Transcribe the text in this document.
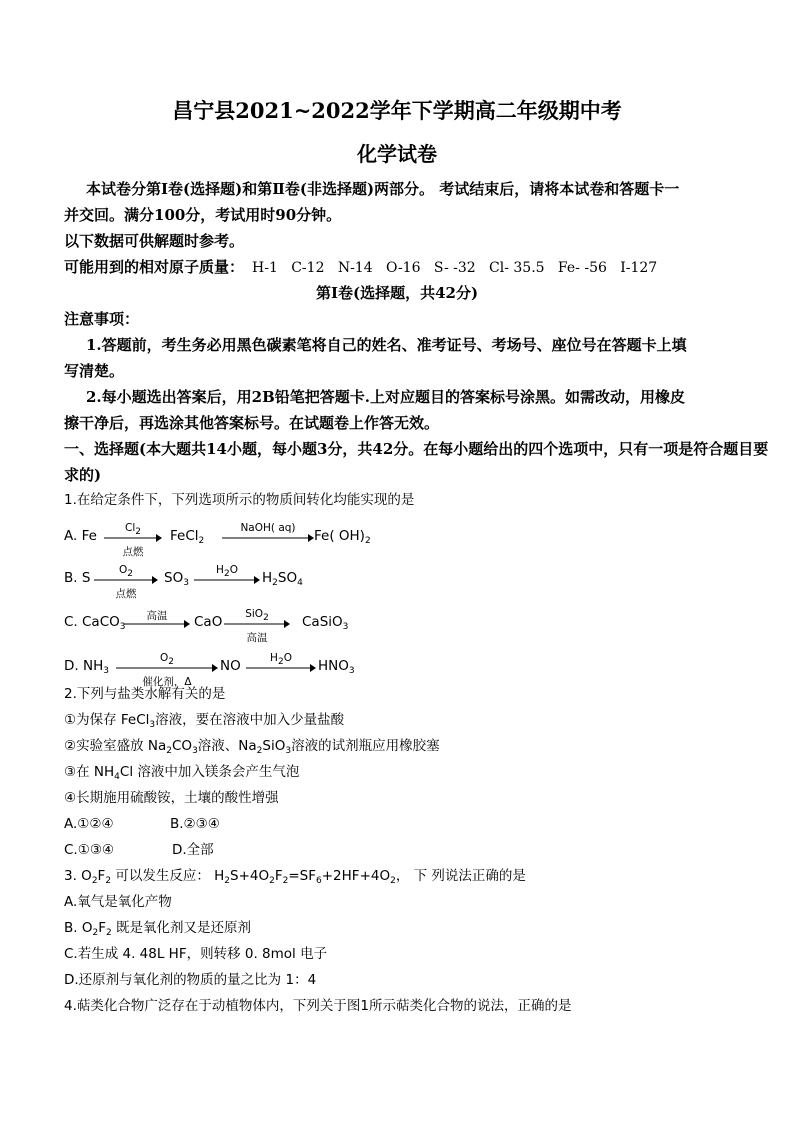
昌宁县2021~2022学年下学期高二年级期中考
化学试卷
本试卷分第Ⅰ卷(选择题)和第Ⅱ卷(非选择题)两部分。 考试结束后，请将本试卷和答题卡一
并交回。满分100分，考试用时90分钟。
以下数据可供解题时参考。
可能用到的相对原子质量： H-1   C-12   N-14   O-16   S- -32   Cl- 35.5   Fe- -56   I-127
第Ⅰ卷(选择题，共42分)
注意事项：
1.答题前，考生务必用黑色碳素笔将自己的姓名、准考证号、考场号、座位号在答题卡上填
写清楚。
2.每小题选出答案后，用2B铅笔把答题卡.上对应题目的答案标号涂黑。如需改动，用橡皮
擦干净后，再选涂其他答案标号。在试题卷上作答无效。
一、选择题(本大题共14小题，每小题3分，共42分。在每小题给出的四个选项中，只有一项是符合题目要
求的)
1.在给定条件下，下列选项所示的物质间转化均能实现的是
A. Fe	Cl2
点燃
FeCl$_2$
NaOH( aq)	Fe( $OH)_2$
B. S	O2
点燃
$SO_3$
H2O	$H_2SO_4$
C. CaCO$_3$
高温	CaO	SiO2
高温
CaSiO$_3$
D. $NH_3$
O2
催化剂，Δ
NO	H2O	$HNO_3$
2.下列与盐类水解有关的是
①为保存 FeCl$_3$溶液，要在溶液中加入少量盐酸
②实验室盛放 $Na_2CO_3$溶液、$Na_2SiO_3$溶液的试剂瓶应用橡胶塞
③在 $NH_4Cl$ 溶液中加入镁条会产生气泡
④长期施用硫酸铵，土壤的酸性增强
A.①②④	B.②③④
C.①③④	D.全部
3. $O_2F_2$ 可以发生反应： $H_2S+4O_2F_2=SF_6+2HF+4O_2$， 下 列说法正确的是
A.氧气是氧化产物
B. $O_2F_2$ 既是氧化剂又是还原剂
C.若生成 4. 48L HF，则转移 0. 8mol 电子
D.还原剂与氧化剂的物质的量之比为 1：4
4.萜类化合物广泛存在于动植物体内，下列关于图1所示萜类化合物的说法，正确的是
